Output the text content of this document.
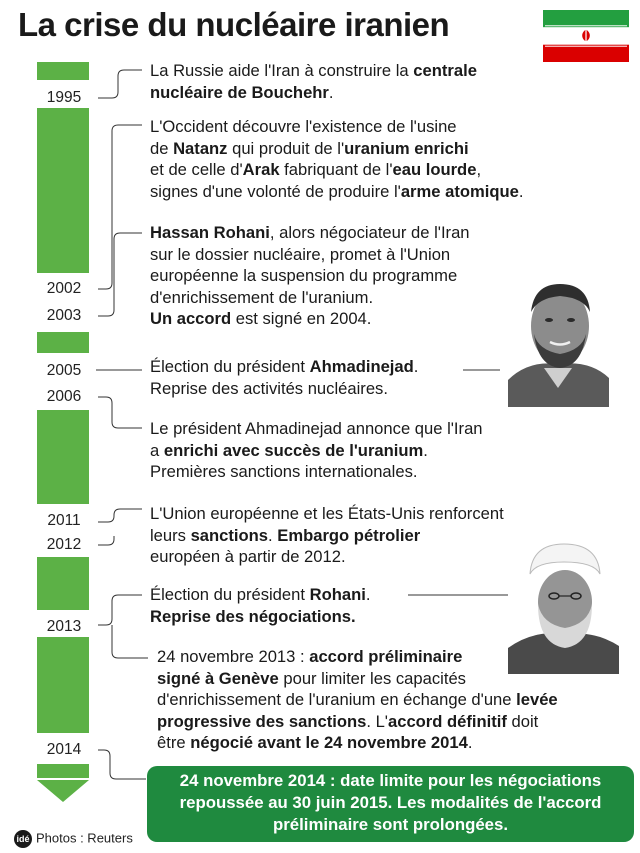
La crise du nucléaire iranien
1995
2002
2003
2005
2006
2011
2012
2013
2014
La Russie aide l'Iran à construire la centrale
nucléaire de Bouchehr.
L'Occident découvre l'existence de l'usine
de Natanz qui produit de l'uranium enrichi
et de celle d'Arak fabriquant de l'eau lourde,
signes d'une volonté de produire l'arme atomique.
Hassan Rohani, alors négociateur de l'Iran
sur le dossier nucléaire, promet à l'Union
européenne la suspension du programme
d'enrichissement de l'uranium.
Un accord est signé en 2004.
Élection du président Ahmadinejad.
Reprise des activités nucléaires.
Le président Ahmadinejad annonce que l'Iran
a enrichi avec succès de l'uranium.
Premières sanctions internationales.
L'Union européenne et les États-Unis renforcent
leurs sanctions. Embargo pétrolier
européen à partir de 2012.
Élection du président Rohani.
Reprise des négociations.
24 novembre 2013 : accord préliminaire
signé à Genève pour limiter les capacités
d'enrichissement de l'uranium en échange d'une levée
progressive des sanctions. L'accord définitif doit
être négocié avant le 24 novembre 2014.
24 novembre 2014 : date limite pour les négociations repoussée au 30 juin 2015. Les modalités de l'accord préliminaire sont prolongées.
idé Photos : Reuters
